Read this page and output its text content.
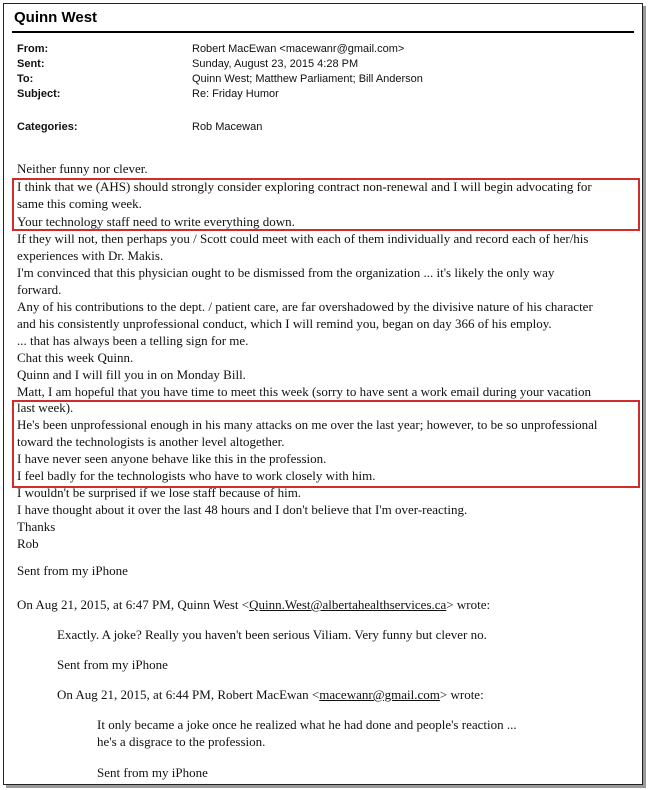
Quinn West
From:	Robert MacEwan <macewanr@gmail.com>
Sent:	Sunday, August 23, 2015 4:28 PM
To:	Quinn West; Matthew Parliament; Bill Anderson
Subject:	Re: Friday Humor
Categories:	Rob Macewan
Neither funny nor clever.
I think that we (AHS) should strongly consider exploring contract non-renewal and I will begin advocating for
same this coming week.
Your technology staff need to write everything down.
If they will not, then perhaps you / Scott could meet with each of them individually and record each of her/his
experiences with Dr. Makis.
I'm convinced that this physician ought to be dismissed from the organization ... it's likely the only way
forward.
Any of his contributions to the dept. / patient care, are far overshadowed by the divisive nature of his character
and his consistently unprofessional conduct, which I will remind you, began on day 366 of his employ.
... that has always been a telling sign for me.
Chat this week Quinn.
Quinn and I will fill you in on Monday Bill.
Matt, I am hopeful that you have time to meet this week (sorry to have sent a work email during your vacation
last week).
He's been unprofessional enough in his many attacks on me over the last year; however, to be so unprofessional
toward the technologists is another level altogether.
I have never seen anyone behave like this in the profession.
I feel badly for the technologists who have to work closely with him.
I wouldn't be surprised if we lose staff because of him.
I have thought about it over the last 48 hours and I don't believe that I'm over-reacting.
Thanks
Rob
Sent from my iPhone
On Aug 21, 2015, at 6:47 PM, Quinn West <Quinn.West@albertahealthservices.ca> wrote:
Exactly. A joke? Really you haven't been serious Viliam. Very funny but clever no.
Sent from my iPhone
On Aug 21, 2015, at 6:44 PM, Robert MacEwan <macewanr@gmail.com> wrote:
It only became a joke once he realized what he had done and people's reaction ...
he's a disgrace to the profession.
Sent from my iPhone
